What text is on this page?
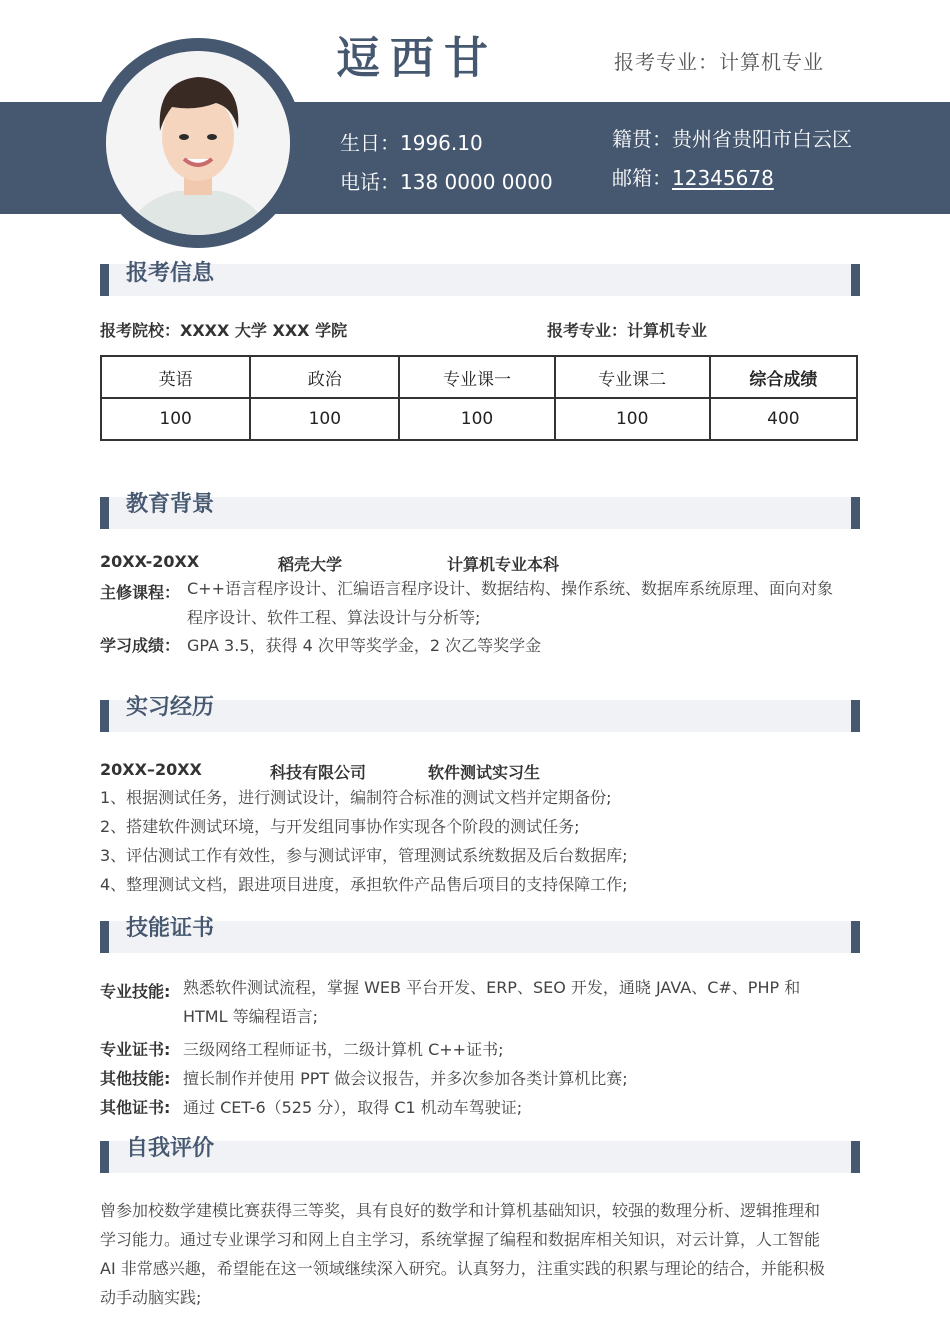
逗西甘	报考专业：计算机专业
生日：1996.10
电话：138 0000 0000
籍贯：贵州省贵阳市白云区
邮箱：12345678
报考信息
报考院校：XXXX 大学 XXX 学院	报考专业：计算机专业
英语	政治	专业课一	专业课二	综合成绩
100	100	100	100	400
教育背景
20XX-20XX	稻壳大学	计算机专业本科
主修课程： C++语言程序设计、汇编语言程序设计、数据结构、操作系统、数据库系统原理、面向对象
程序设计、软件工程、算法设计与分析等;
学习成绩： GPA 3.5，获得 4 次甲等奖学金，2 次乙等奖学金
实习经历
20XX–20XX	科技有限公司	软件测试实习生
1、根据测试任务，进行测试设计，编制符合标准的测试文档并定期备份;
2、搭建软件测试环境，与开发组同事协作实现各个阶段的测试任务;
3、评估测试工作有效性，参与测试评审，管理测试系统数据及后台数据库;
4、整理测试文档，跟进项目进度，承担软件产品售后项目的支持保障工作;
技能证书
专业技能: 熟悉软件测试流程，掌握 WEB 平台开发、ERP、SEO 开发，通晓 JAVA、C#、PHP 和
HTML 等编程语言;
专业证书: 三级网络工程师证书，二级计算机 C++证书;
其他技能: 擅长制作并使用 PPT 做会议报告，并多次参加各类计算机比赛;
其他证书: 通过 CET-6（525 分），取得 C1 机动车驾驶证;
自我评价
曾参加校数学建模比赛获得三等奖，具有良好的数学和计算机基础知识，较强的数理分析、逻辑推理和
学习能力。通过专业课学习和网上自主学习，系统掌握了编程和数据库相关知识，对云计算，人工智能
AI 非常感兴趣，希望能在这一领域继续深入研究。认真努力，注重实践的积累与理论的结合，并能积极
动手动脑实践;
